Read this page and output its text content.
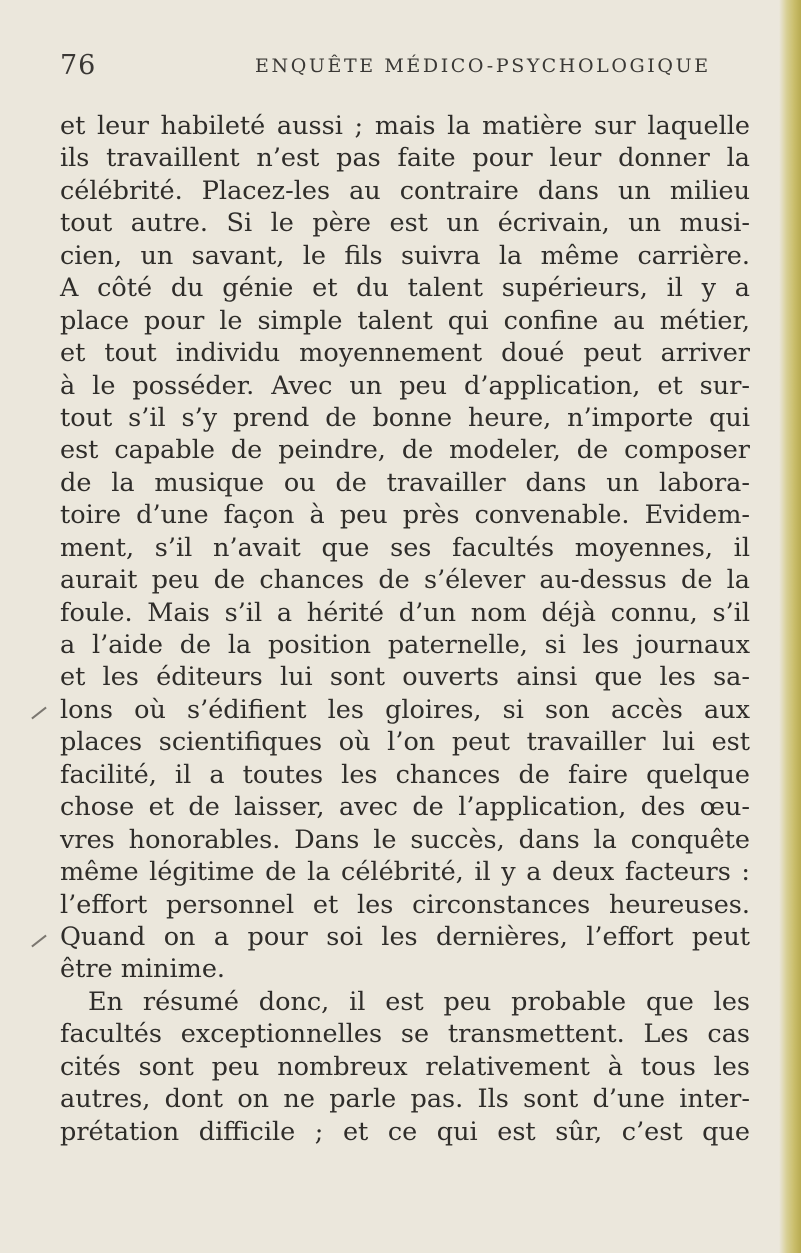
76	ENQUÊTE MÉDICO-PSYCHOLOGIQUE
et leur habileté aussi ; mais la matière sur laquelle
ils travaillent n’est pas faite pour leur donner la
célébrité. Placez-les au contraire dans un milieu
tout autre. Si le père est un écrivain, un musi-
cien, un savant, le fils suivra la même carrière.
A côté du génie et du talent supérieurs, il y a
place pour le simple talent qui confine au métier,
et tout individu moyennement doué peut arriver
à le posséder. Avec un peu d’application, et sur-
tout s’il s’y prend de bonne heure, n’importe qui
est capable de peindre, de modeler, de composer
de la musique ou de travailler dans un labora-
toire d’une façon à peu près convenable. Evidem-
ment, s’il n’avait que ses facultés moyennes, il
aurait peu de chances de s’élever au-dessus de la
foule. Mais s’il a hérité d’un nom déjà connu, s’il
a l’aide de la position paternelle, si les journaux
et les éditeurs lui sont ouverts ainsi que les sa-
lons où s’édifient les gloires, si son accès aux
places scientifiques où l’on peut travailler lui est
facilité, il a toutes les chances de faire quelque
chose et de laisser, avec de l’application, des œu-
vres honorables. Dans le succès, dans la conquête
même légitime de la célébrité, il y a deux facteurs :
l’effort personnel et les circonstances heureuses.
Quand on a pour soi les dernières, l’effort peut
être minime.
En résumé donc, il est peu probable que les
facultés exceptionnelles se transmettent. Les cas
cités sont peu nombreux relativement à tous les
autres, dont on ne parle pas. Ils sont d’une inter-
prétation difficile ; et ce qui est sûr, c’est que
